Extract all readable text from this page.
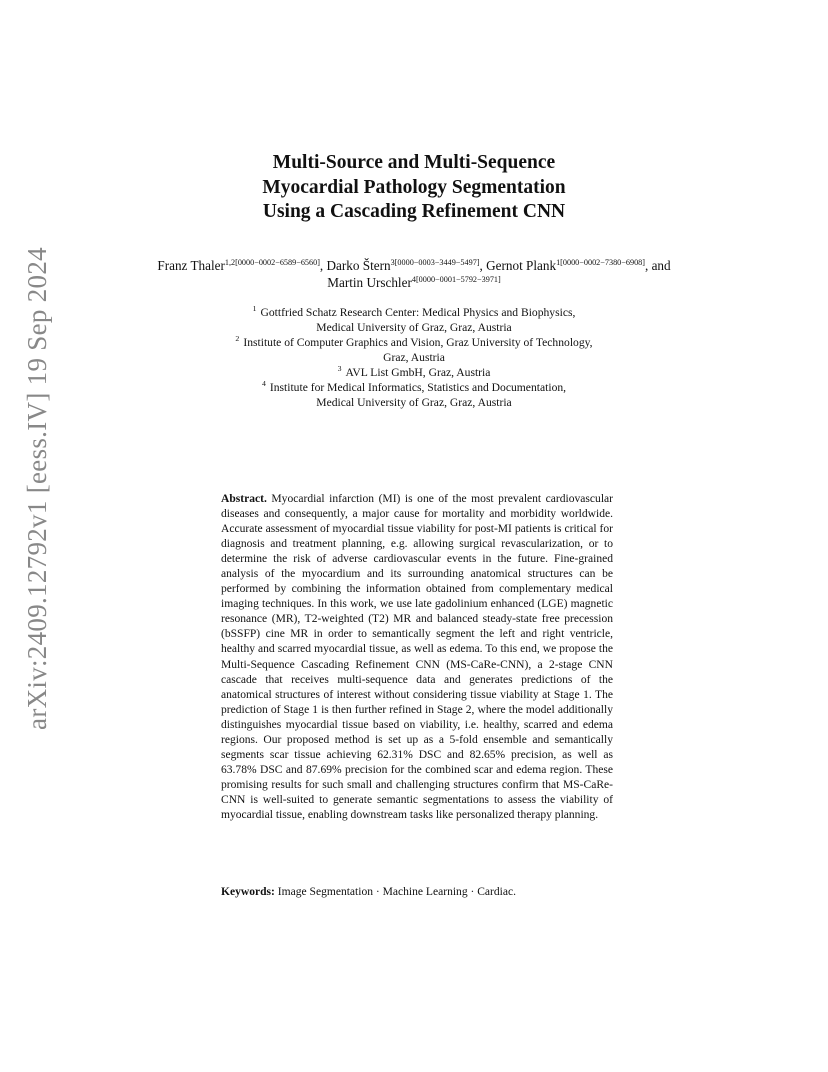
arXiv:2409.12792v1 [eess.IV] 19 Sep 2024
Multi-Source and Multi-Sequence
Myocardial Pathology Segmentation
Using a Cascading Refinement CNN
Franz Thaler$^{1,2[0000-0002-6589-6560]}$, Darko Štern$^{3[0000-0003-3449-5497]}$, Gernot Plank$^{1[0000-0002-7380-6908]}$, and Martin Urschler$^{4[0000-0001-5792-3971]}$
$^1$ Gottfried Schatz Research Center: Medical Physics and Biophysics,
Medical University of Graz, Graz, Austria
$^2$ Institute of Computer Graphics and Vision, Graz University of Technology,
Graz, Austria
$^3$ AVL List GmbH, Graz, Austria
$^4$ Institute for Medical Informatics, Statistics and Documentation,
Medical University of Graz, Graz, Austria
Abstract. Myocardial infarction (MI) is one of the most prevalent cardiovascular diseases and consequently, a major cause for mortality and morbidity worldwide. Accurate assessment of myocardial tissue viability for post-MI patients is critical for diagnosis and treatment planning, e.g. allowing surgical revascularization, or to determine the risk of adverse cardiovascular events in the future. Fine-grained analysis of the myocardium and its surrounding anatomical structures can be performed by combining the information obtained from complementary medical imaging techniques. In this work, we use late gadolinium enhanced (LGE) magnetic resonance (MR), T2-weighted (T2) MR and balanced steady-state free precession (bSSFP) cine MR in order to semantically segment the left and right ventricle, healthy and scarred myocardial tissue, as well as edema. To this end, we propose the Multi-Sequence Cascading Refinement CNN (MS-CaRe-CNN), a 2-stage CNN cascade that receives multi-sequence data and generates predictions of the anatomical structures of interest without considering tissue viability at Stage 1. The prediction of Stage 1 is then further refined in Stage 2, where the model additionally distinguishes myocardial tissue based on viability, i.e. healthy, scarred and edema regions. Our proposed method is set up as a 5-fold ensemble and semantically segments scar tissue achieving 62.31% DSC and 82.65% precision, as well as 63.78% DSC and 87.69% precision for the combined scar and edema region. These promising results for such small and challenging structures confirm that MS-CaRe-CNN is well-suited to generate semantic segmentations to assess the viability of myocardial tissue, enabling downstream tasks like personalized therapy planning.
Keywords: Image Segmentation · Machine Learning · Cardiac.
